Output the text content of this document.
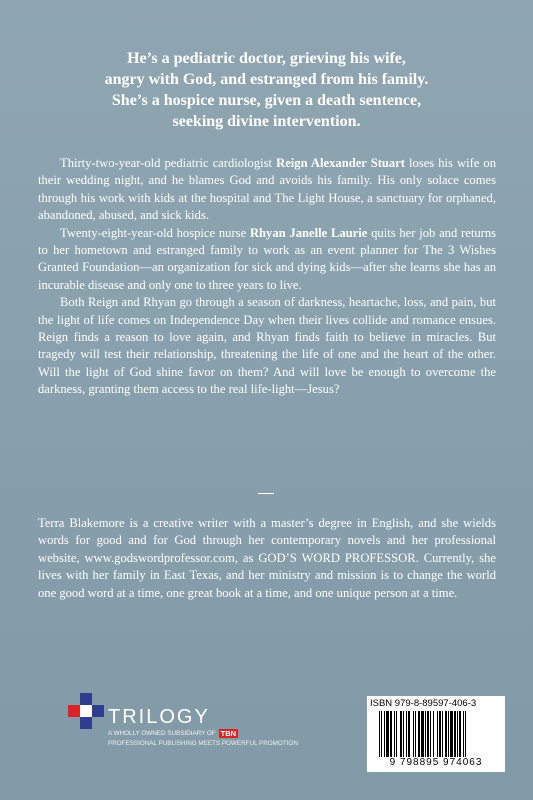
He’s a pediatric doctor, grieving his wife,
angry with God, and estranged from his family.
She’s a hospice nurse, given a death sentence,
seeking divine intervention.

Thirty-two-year-old pediatric cardiologist Reign Alexander Stuart loses his wife on their wedding night, and he blames God and avoids his family. His only solace comes through his work with kids at the hospital and The Light House, a sanctuary for orphaned, abandoned, abused, and sick kids.

Twenty-eight-year-old hospice nurse Rhyan Janelle Laurie quits her job and returns to her hometown and estranged family to work as an event planner for The 3 Wishes Granted Foundation—an organization for sick and dying kids—after she learns she has an incurable disease and only one to three years to live.

Both Reign and Rhyan go through a season of darkness, heartache, loss, and pain, but the light of life comes on Independence Day when their lives collide and romance ensues. Reign finds a reason to love again, and Rhyan finds faith to believe in miracles. But tragedy will test their relationship, threatening the life of one and the heart of the other. Will the light of God shine favor on them? And will love be enough to overcome the darkness, granting them access to the real life-light—Jesus?

Terra Blakemore is a creative writer with a master’s degree in English, and she wields words for good and for God through her contemporary novels and her professional website, www.godswordprofessor.com, as GOD’S WORD PROFESSOR. Currently, she lives with her family in East Texas, and her ministry and mission is to change the world one good word at a time, one great book at a time, and one unique person at a time.

TRILOGY
A WHOLLY OWNED SUBSIDIARY OF TBN
PROFESSIONAL PUBLISHING MEETS POWERFUL PROMOTION
ISBN 979-8-89597-406-3
9 798895 974063
